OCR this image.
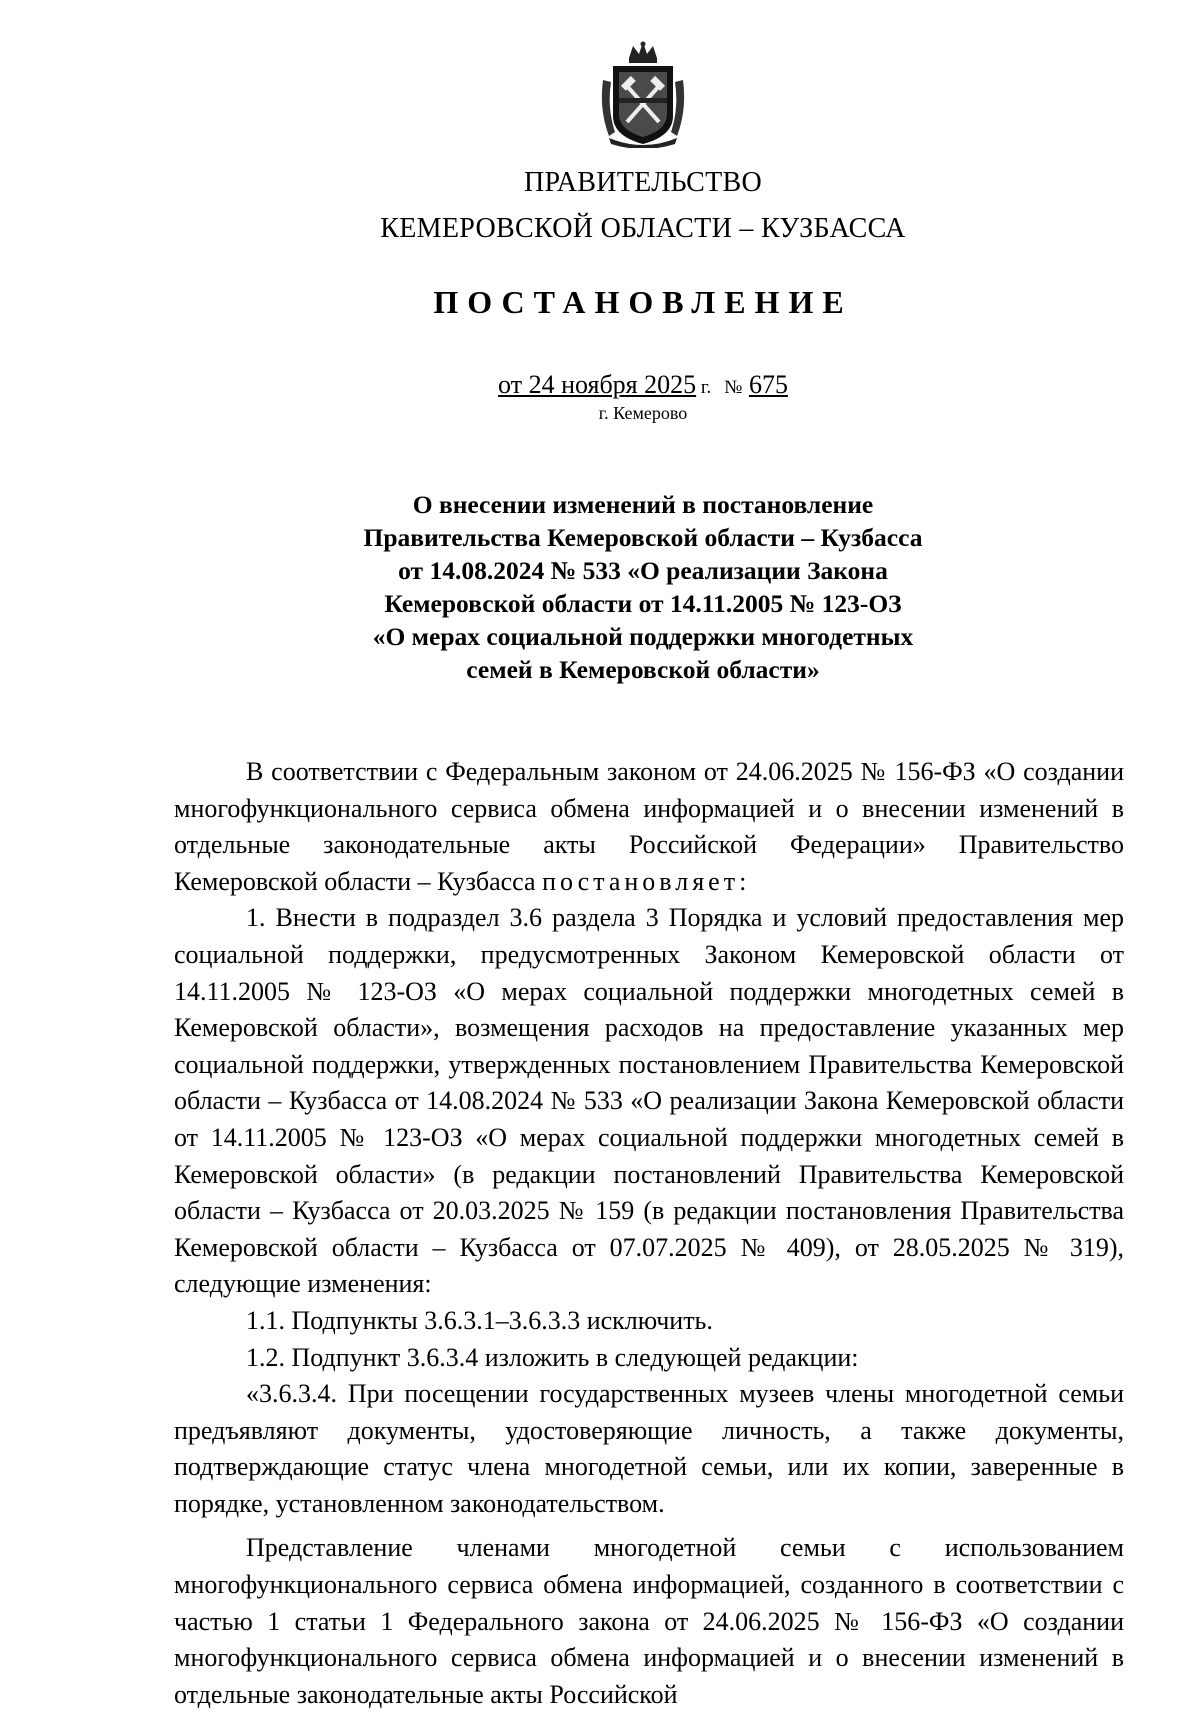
ПРАВИТЕЛЬСТВО
КЕМЕРОВСКОЙ ОБЛАСТИ – КУЗБАССА
ПОСТАНОВЛЕНИЕ
от 24 ноября 2025 г. № 675
г. Кемерово
О внесении изменений в постановление
Правительства Кемеровской области – Кузбасса
от 14.08.2024 № 533 «О реализации Закона
Кемеровской области от 14.11.2005 № 123-ОЗ
«О мерах социальной поддержки многодетных
семей в Кемеровской области»

В соответствии с Федеральным законом от 24.06.2025 № 156-ФЗ «О создании многофункционального сервиса обмена информацией и о внесении изменений в отдельные законодательные акты Российской Федерации» Правительство Кемеровской области – Кузбасса постановляет:

1. Внести в подраздел 3.6 раздела 3 Порядка и условий предоставления мер социальной поддержки, предусмотренных Законом Кемеровской области от 14.11.2005 № 123-ОЗ «О мерах социальной поддержки многодетных семей в Кемеровской области», возмещения расходов на предоставление указанных мер социальной поддержки, утвержденных постановлением Правительства Кемеровской области – Кузбасса от 14.08.2024 № 533 «О реализации Закона Кемеровской области от 14.11.2005 № 123-ОЗ «О мерах социальной поддержки многодетных семей в Кемеровской области» (в редакции постановлений Правительства Кемеровской области – Кузбасса от 20.03.2025 № 159 (в редакции постановления Правительства Кемеровской области – Кузбасса от 07.07.2025 № 409), от 28.05.2025 № 319), следующие изменения:

1.1. Подпункты 3.6.3.1–3.6.3.3 исключить.

1.2. Подпункт 3.6.3.4 изложить в следующей редакции:

«3.6.3.4. При посещении государственных музеев члены многодетной семьи предъявляют документы, удостоверяющие личность, а также документы, подтверждающие статус члена многодетной семьи, или их копии, заверенные в порядке, установленном законодательством.

Представление членами многодетной семьи с использованием многофункционального сервиса обмена информацией, созданного в соответствии с частью 1 статьи 1 Федерального закона от 24.06.2025 № 156-ФЗ «О создании многофункционального сервиса обмена информацией и о внесении изменений в отдельные законодательные акты Российской
